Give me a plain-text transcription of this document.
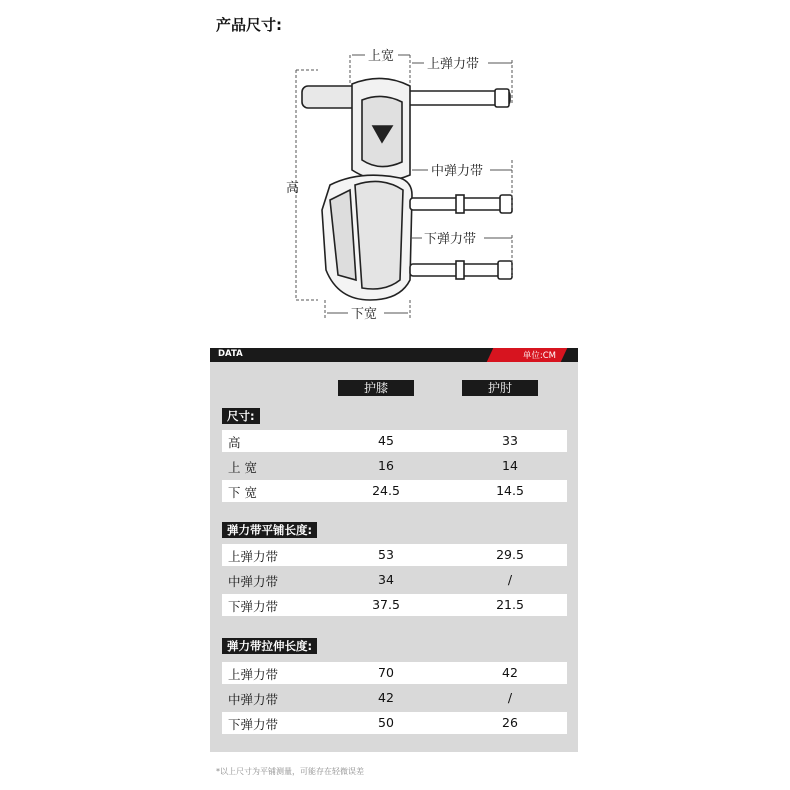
产品尺寸:
上宽
上弹力带
中弹力带
下弹力带
高
下宽
DATA	单位:CM
护膝	护肘
尺寸:
高	45	33
上 宽	16	14
下 宽	24.5	14.5
弹力带平铺长度:
上弹力带	53	29.5
中弹力带	34	/
下弹力带	37.5	21.5
弹力带拉伸长度:
上弹力带	70	42
中弹力带	42	/
下弹力带	50	26
*以上尺寸为平铺测量，可能存在轻微误差
